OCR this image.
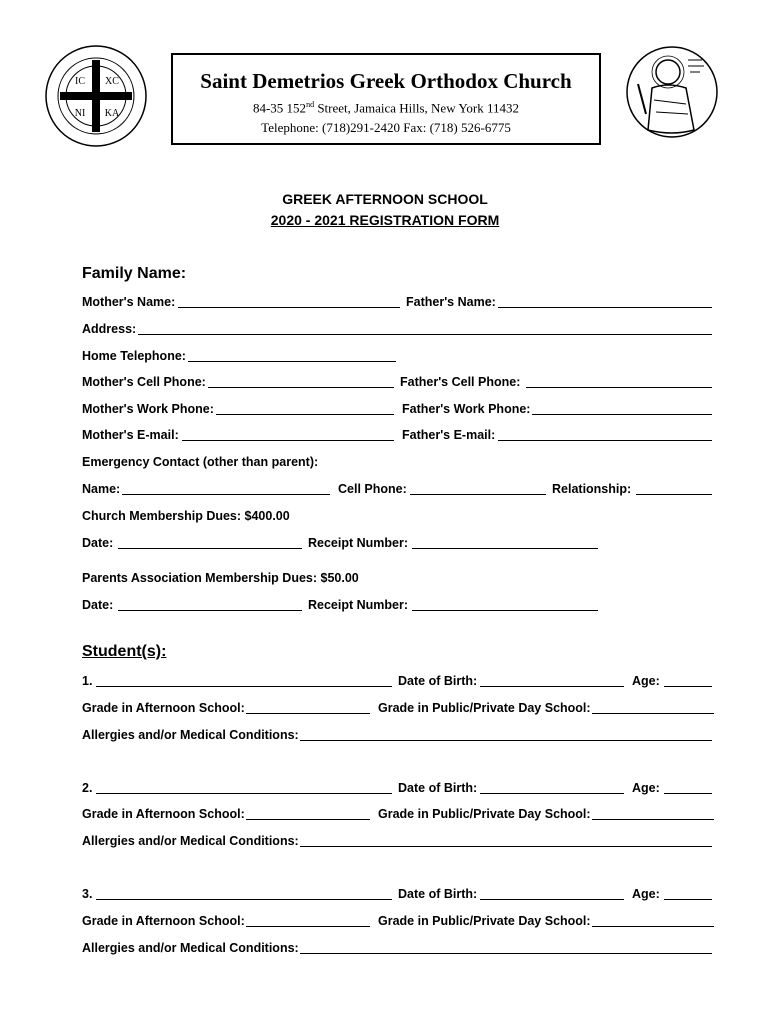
IC XC
NI KA
Saint Demetrios Greek Orthodox Church
84-35 152nd Street, Jamaica Hills, New York 11432
Telephone: (718)291-2420 Fax: (718) 526-6775
GREEK AFTERNOON SCHOOL
2020 - 2021 REGISTRATION FORM
Family Name:
Mother's Name:	Father's Name:
Address:
Home Telephone:
Mother's Cell Phone:	Father's Cell Phone:
Mother's Work Phone:	Father's Work Phone:
Mother's E-mail:	Father's E-mail:
Emergency Contact (other than parent):
Name:	Cell Phone:	Relationship:
Church Membership Dues: $400.00
Date:	Receipt Number:
Parents Association Membership Dues: $50.00
Date:	Receipt Number:
Student(s):
1.	Date of Birth:	Age:
Grade in Afternoon School:	Grade in Public/Private Day School:
Allergies and/or Medical Conditions:
2.	Date of Birth:	Age:
Grade in Afternoon School:	Grade in Public/Private Day School:
Allergies and/or Medical Conditions:
3.	Date of Birth:	Age:
Grade in Afternoon School:	Grade in Public/Private Day School:
Allergies and/or Medical Conditions:
